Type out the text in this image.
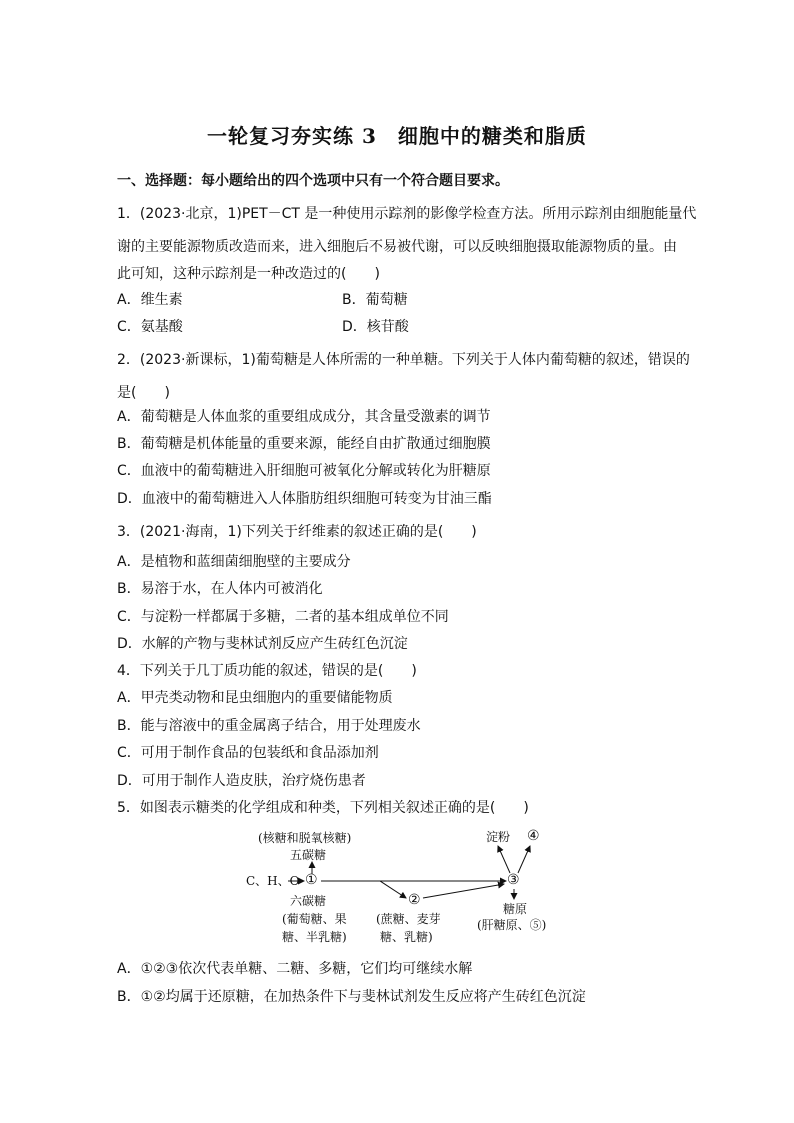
一轮复习夯实练 3　细胞中的糖类和脂质
一、选择题：每小题给出的四个选项中只有一个符合题目要求。
1．(2023·北京，1)PET－CT 是一种使用示踪剂的影像学检查方法。所用示踪剂由细胞能量代
谢的主要能源物质改造而来，进入细胞后不易被代谢，可以反映细胞摄取能源物质的量。由
此可知，这种示踪剂是一种改造过的(　　)
A．维生素	B．葡萄糖
C．氨基酸	D．核苷酸
2．(2023·新课标，1)葡萄糖是人体所需的一种单糖。下列关于人体内葡萄糖的叙述，错误的
是(　　)
A．葡萄糖是人体血浆的重要组成成分，其含量受激素的调节
B．葡萄糖是机体能量的重要来源，能经自由扩散通过细胞膜
C．血液中的葡萄糖进入肝细胞可被氧化分解或转化为肝糖原
D．血液中的葡萄糖进入人体脂肪组织细胞可转变为甘油三酯
3．(2021·海南，1)下列关于纤维素的叙述正确的是(　　)
A．是植物和蓝细菌细胞壁的主要成分
B．易溶于水，在人体内可被消化
C．与淀粉一样都属于多糖，二者的基本组成单位不同
D．水解的产物与斐林试剂反应产生砖红色沉淀
4．下列关于几丁质功能的叙述，错误的是(　　)
A．甲壳类动物和昆虫细胞内的重要储能物质
B．能与溶液中的重金属离子结合，用于处理废水
C．可用于制作食品的包装纸和食品添加剂
D．可用于制作人造皮肤，治疗烧伤患者
5．如图表示糖类的化学组成和种类，下列相关叙述正确的是(　　)
(核糖和脱氧核糖)
五碳糖
C、H、O ①
六碳糖
(葡萄糖、果
糖、半乳糖)
②
(蔗糖、麦芽
糖、乳糖)
③
淀粉 ④
糖原
(肝糖原、⑤)
A．①②③依次代表单糖、二糖、多糖，它们均可继续水解
B．①②均属于还原糖，在加热条件下与斐林试剂发生反应将产生砖红色沉淀
